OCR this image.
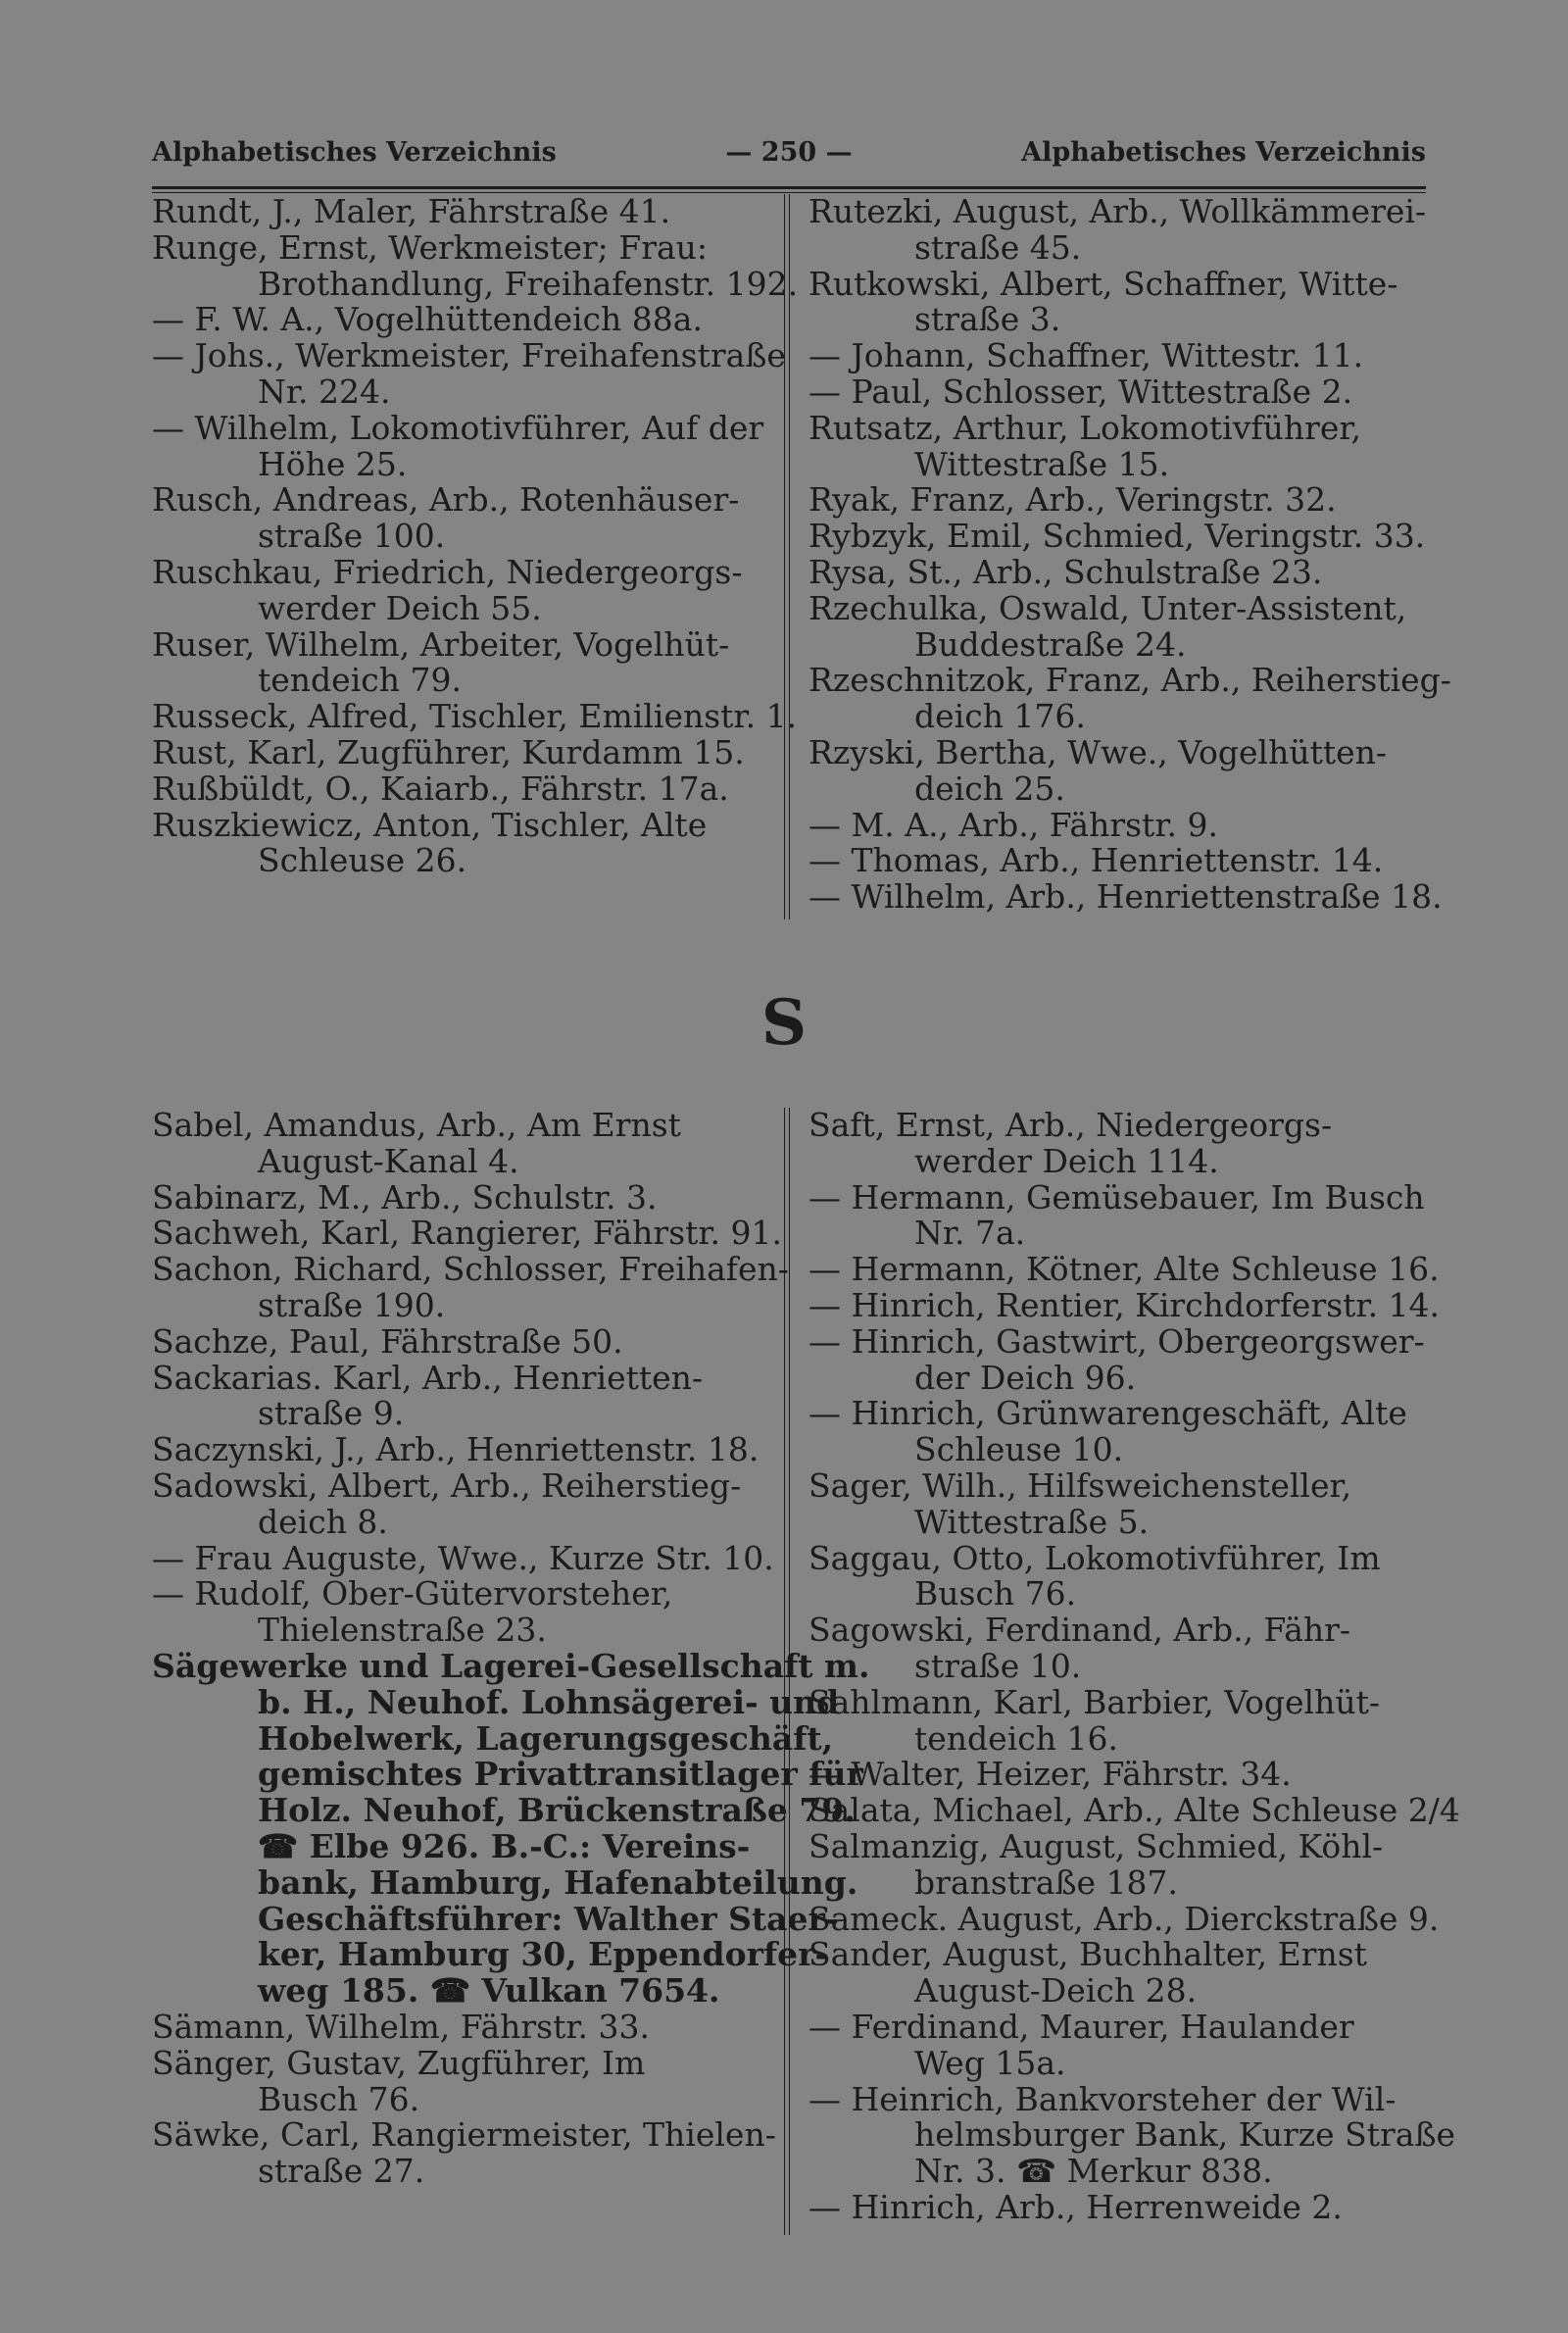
— 250 —
Alphabetisches Verzeichnis	Alphabetisches Verzeichnis
Rundt, J., Maler, Fährstraße 41.
Runge, Ernst, Werkmeister; Frau:
Brothandlung, Freihafenstr. 192.
— F. W. A., Vogelhüttendeich 88a.
— Johs., Werkmeister, Freihafenstraße
Nr. 224.
— Wilhelm, Lokomotivführer, Auf der
Höhe 25.
Rusch, Andreas, Arb., Rotenhäuser-
straße 100.
Ruschkau, Friedrich, Niedergeorgs-
werder Deich 55.
Ruser, Wilhelm, Arbeiter, Vogelhüt-
tendeich 79.
Russeck, Alfred, Tischler, Emilienstr. 1.
Rust, Karl, Zugführer, Kurdamm 15.
Rußbüldt, O., Kaiarb., Fährstr. 17a.
Ruszkiewicz, Anton, Tischler, Alte
Schleuse 26.
Rutezki, August, Arb., Wollkämmerei-
straße 45.
Rutkowski, Albert, Schaffner, Witte-
straße 3.
— Johann, Schaffner, Wittestr. 11.
— Paul, Schlosser, Wittestraße 2.
Rutsatz, Arthur, Lokomotivführer,
Wittestraße 15.
Ryak, Franz, Arb., Veringstr. 32.
Rybzyk, Emil, Schmied, Veringstr. 33.
Rysa, St., Arb., Schulstraße 23.
Rzechulka, Oswald, Unter-Assistent,
Buddestraße 24.
Rzeschnitzok, Franz, Arb., Reiherstieg-
deich 176.
Rzyski, Bertha, Wwe., Vogelhütten-
deich 25.
— M. A., Arb., Fährstr. 9.
— Thomas, Arb., Henriettenstr. 14.
— Wilhelm, Arb., Henriettenstraße 18.
S
Sabel, Amandus, Arb., Am Ernst
August-Kanal 4.
Sabinarz, M., Arb., Schulstr. 3.
Sachweh, Karl, Rangierer, Fährstr. 91.
Sachon, Richard, Schlosser, Freihafen-
straße 190.
Sachze, Paul, Fährstraße 50.
Sackarias. Karl, Arb., Henrietten-
straße 9.
Saczynski, J., Arb., Henriettenstr. 18.
Sadowski, Albert, Arb., Reiherstieg-
deich 8.
— Frau Auguste, Wwe., Kurze Str. 10.
— Rudolf, Ober-Gütervorsteher,
Thielenstraße 23.
Sägewerke und Lagerei-Gesellschaft m.
b. H., Neuhof. Lohnsägerei- und
Hobelwerk, Lagerungsgeschäft,
gemischtes Privattransitlager für
Holz. Neuhof, Brückenstraße 79.
☎ Elbe 926. B.-C.: Vereins-
bank, Hamburg, Hafenabteilung.
Geschäftsführer: Walther Staer-
ker, Hamburg 30, Eppendorfer-
weg 185. ☎ Vulkan 7654.
Sämann, Wilhelm, Fährstr. 33.
Sänger, Gustav, Zugführer, Im
Busch 76.
Säwke, Carl, Rangiermeister, Thielen-
straße 27.
Saft, Ernst, Arb., Niedergeorgs-
werder Deich 114.
— Hermann, Gemüsebauer, Im Busch
Nr. 7a.
— Hermann, Kötner, Alte Schleuse 16.
— Hinrich, Rentier, Kirchdorferstr. 14.
— Hinrich, Gastwirt, Obergeorgswer-
der Deich 96.
— Hinrich, Grünwarengeschäft, Alte
Schleuse 10.
Sager, Wilh., Hilfsweichensteller,
Wittestraße 5.
Saggau, Otto, Lokomotivführer, Im
Busch 76.
Sagowski, Ferdinand, Arb., Fähr-
straße 10.
Sahlmann, Karl, Barbier, Vogelhüt-
tendeich 16.
— Walter, Heizer, Fährstr. 34.
Salata, Michael, Arb., Alte Schleuse 2/4
Salmanzig, August, Schmied, Köhl-
branstraße 187.
Sameck. August, Arb., Dierckstraße 9.
Sander, August, Buchhalter, Ernst
August-Deich 28.
— Ferdinand, Maurer, Haulander
Weg 15a.
— Heinrich, Bankvorsteher der Wil-
helmsburger Bank, Kurze Straße
Nr. 3. ☎ Merkur 838.
— Hinrich, Arb., Herrenweide 2.
